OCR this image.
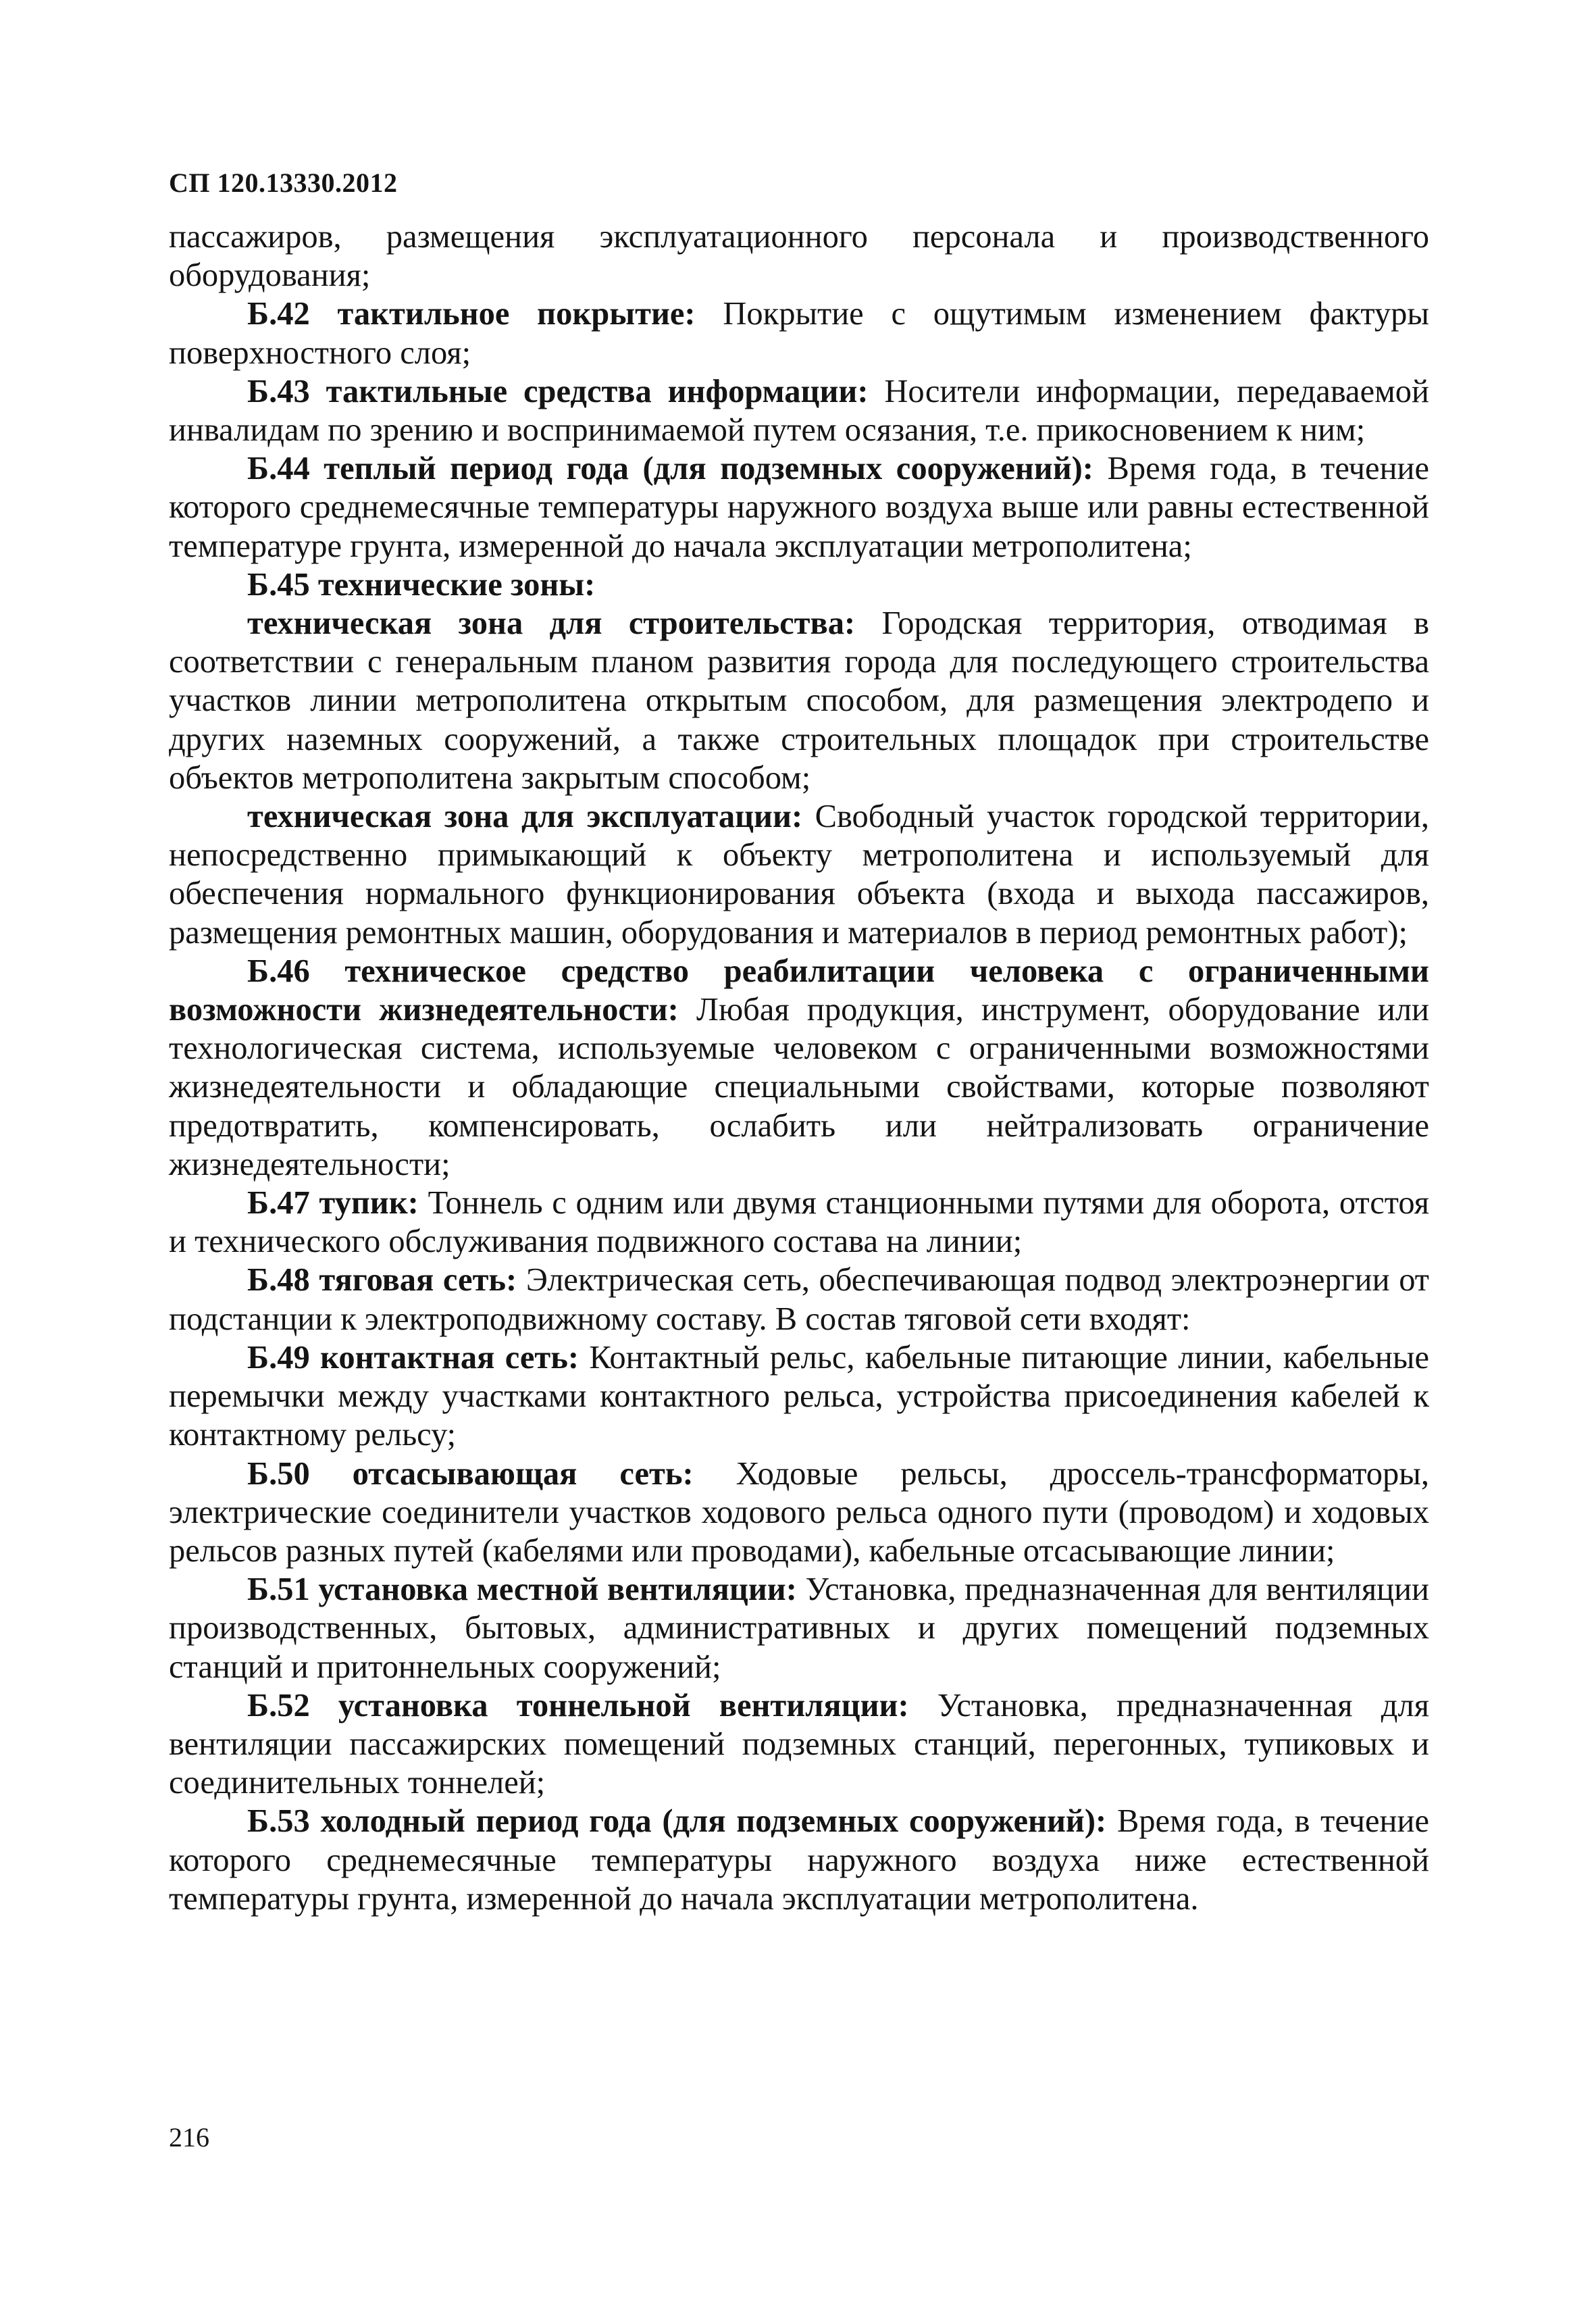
СП 120.13330.2012

пассажиров, размещения эксплуатационного персонала и производственного оборудования;

Б.42 тактильное покрытие: Покрытие с ощутимым изменением фактуры поверхностного слоя;

Б.43 тактильные средства информации: Носители информации, передаваемой инвалидам по зрению и воспринимаемой путем осязания, т.е. прикосновением к ним;

Б.44 теплый период года (для подземных сооружений): Время года, в течение которого среднемесячные температуры наружного воздуха выше или равны естественной температуре грунта, измеренной до начала эксплуатации метрополитена;

Б.45 технические зоны:

техническая зона для строительства: Городская территория, отводимая в соответствии с генеральным планом развития города для последующего строительства участков линии метрополитена открытым способом, для размещения электродепо и других наземных сооружений, а также строительных площадок при строительстве объектов метрополитена закрытым способом;

техническая зона для эксплуатации: Свободный участок городской территории, непосредственно примыкающий к объекту метрополитена и используемый для обеспечения нормального функционирования объекта (входа и выхода пассажиров, размещения ремонтных машин, оборудования и материалов в период ремонтных работ);

Б.46 техническое средство реабилитации человека с ограниченными возможности жизнедеятельности: Любая продукция, инструмент, оборудование или технологическая система, используемые человеком с ограниченными возможностями жизнедеятельности и обладающие специальными свойствами, которые позволяют предотвратить, компенсировать, ослабить или нейтрализовать ограничение жизнедеятельности;

Б.47 тупик: Тоннель с одним или двумя станционными путями для оборота, отстоя и технического обслуживания подвижного состава на линии;

Б.48 тяговая сеть: Электрическая сеть, обеспечивающая подвод электроэнергии от подстанции к электроподвижному составу. В состав тяговой сети входят:

Б.49 контактная сеть: Контактный рельс, кабельные питающие линии, кабельные перемычки между участками контактного рельса, устройства присоединения кабелей к контактному рельсу;

Б.50 отсасывающая сеть: Ходовые рельсы, дроссель-трансформаторы, электрические соединители участков ходового рельса одного пути (проводом) и ходовых рельсов разных путей (кабелями или проводами), кабельные отсасывающие линии;

Б.51 установка местной вентиляции: Установка, предназначенная для вентиляции производственных, бытовых, административных и других помещений подземных станций и притоннельных сооружений;

Б.52 установка тоннельной вентиляции: Установка, предназначенная для вентиляции пассажирских помещений подземных станций, перегонных, тупиковых и соединительных тоннелей;

Б.53 холодный период года (для подземных сооружений): Время года, в течение которого среднемесячные температуры наружного воздуха ниже естественной температуры грунта, измеренной до начала эксплуатации метрополитена.

216
